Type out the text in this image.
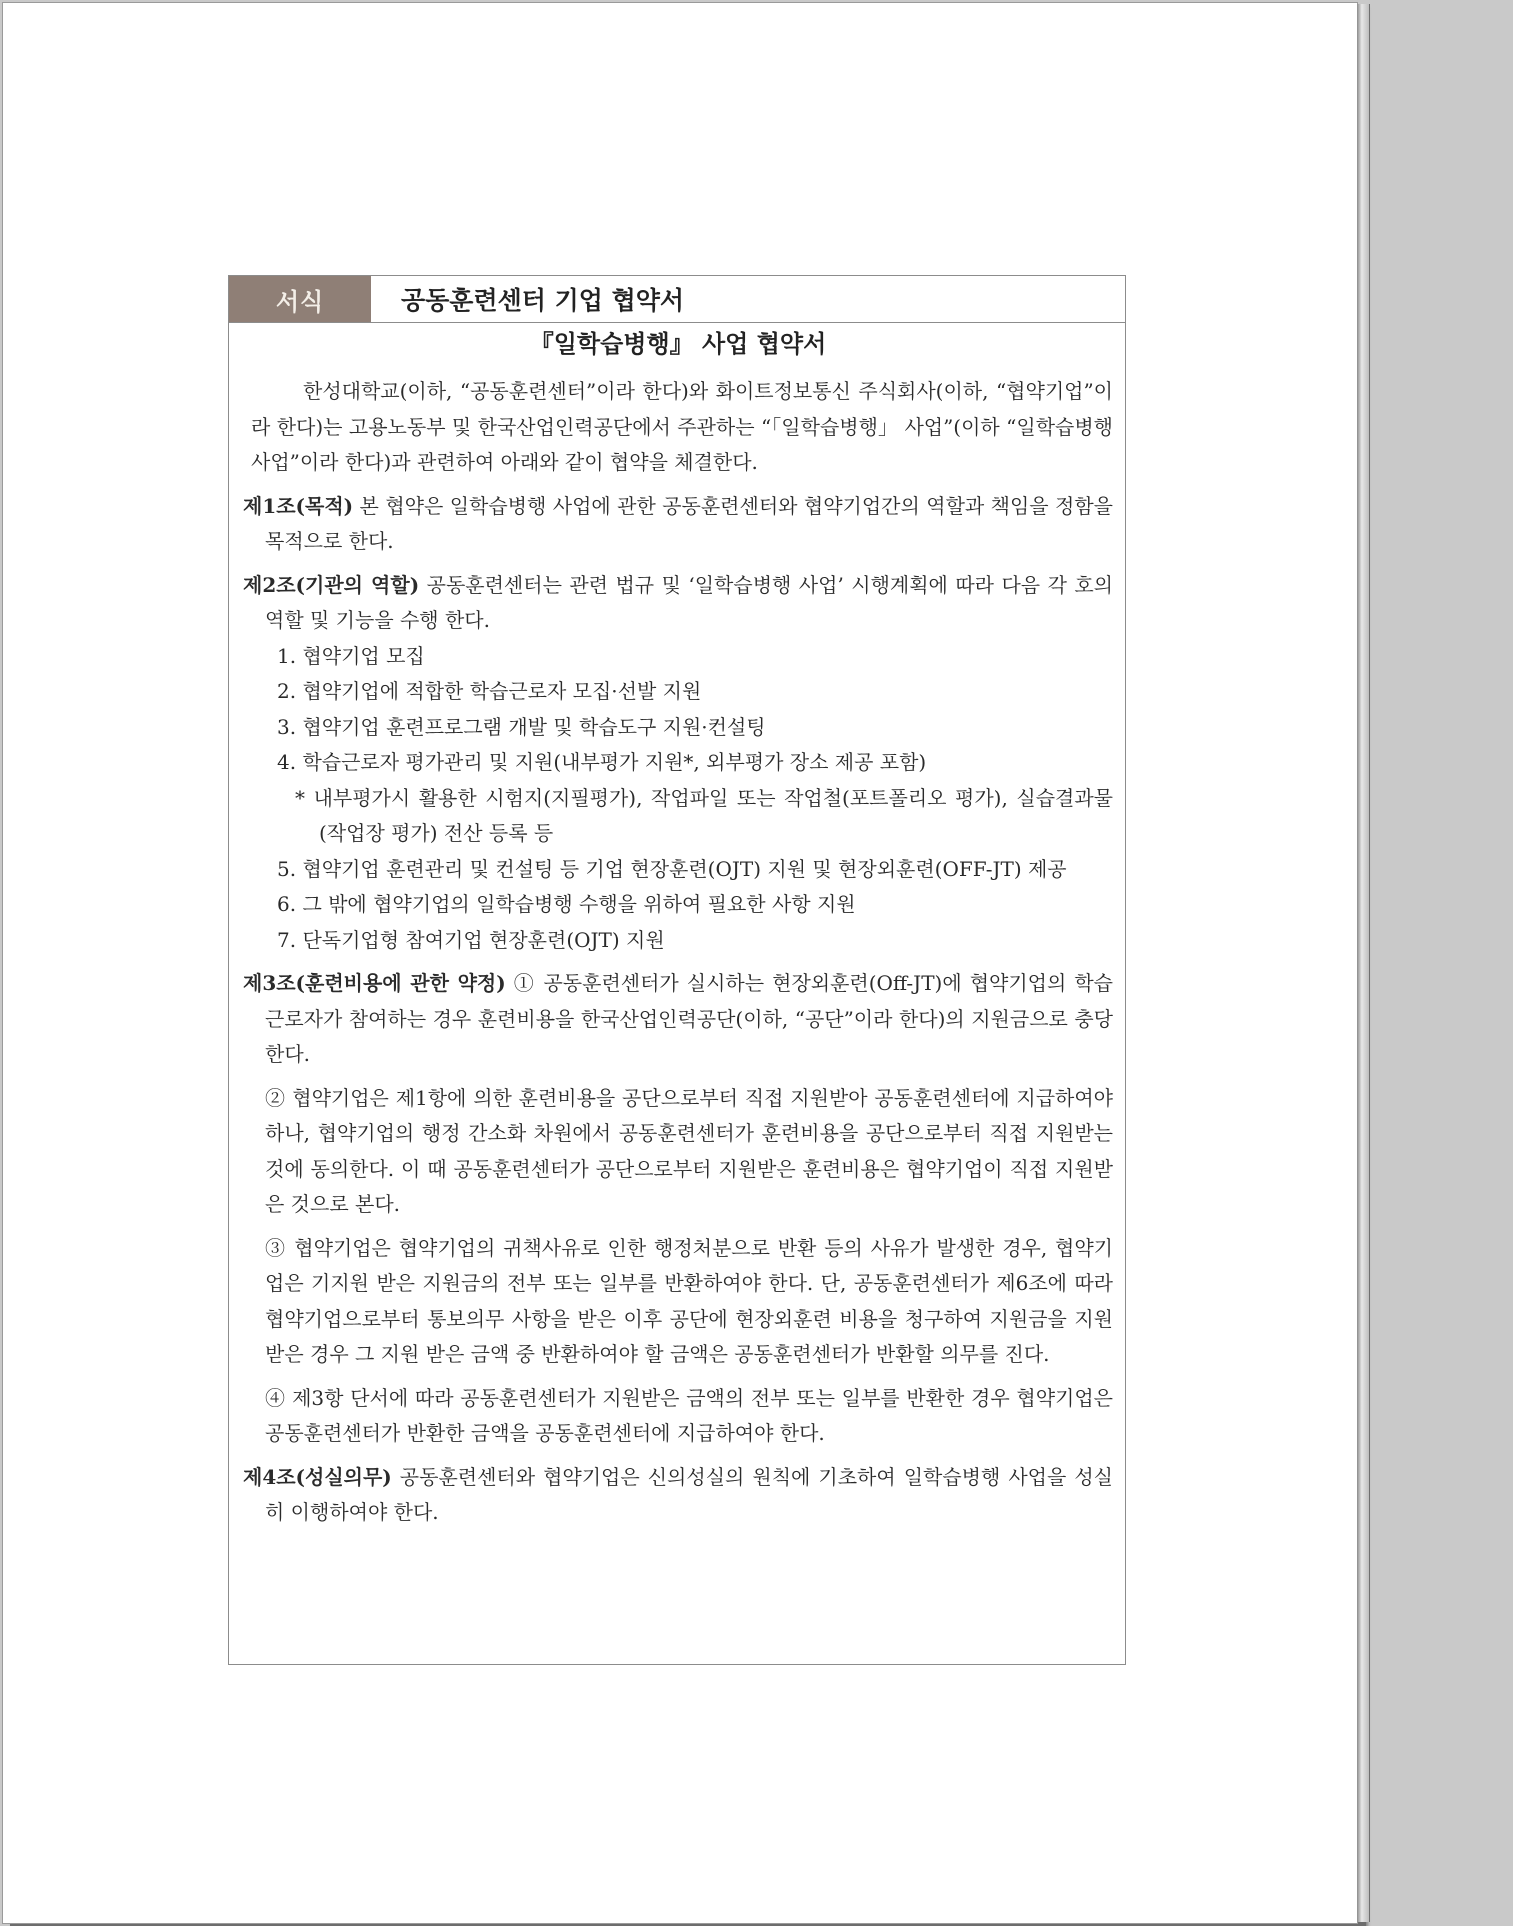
서식	공동훈련센터 기업 협약서
『일학습병행』 사업 협약서

한성대학교(이하, “공동훈련센터”이라 한다)와 화이트정보통신 주식회사(이하, “협약기업”이라 한다)는 고용노동부 및 한국산업인력공단에서 주관하는 “「일학습병행」 사업”(이하 “일학습병행 사업”이라 한다)과 관련하여 아래와 같이 협약을 체결한다.

제1조(목적) 본 협약은 일학습병행 사업에 관한 공동훈련센터와 협약기업간의 역할과 책임을 정함을 목적으로 한다.

제2조(기관의 역할) 공동훈련센터는 관련 법규 및 ‘일학습병행 사업’ 시행계획에 따라 다음 각 호의 역할 및 기능을 수행 한다.

1. 협약기업 모집
2. 협약기업에 적합한 학습근로자 모집·선발 지원
3. 협약기업 훈련프로그램 개발 및 학습도구 지원·컨설팅
4. 학습근로자 평가관리 및 지원(내부평가 지원*, 외부평가 장소 제공 포함)
* 내부평가시 활용한 시험지(지필평가), 작업파일 또는 작업철(포트폴리오 평가), 실습결과물(작업장 평가) 전산 등록 등
5. 협약기업 훈련관리 및 컨설팅 등 기업 현장훈련(OJT) 지원 및 현장외훈련(OFF-JT) 제공
6. 그 밖에 협약기업의 일학습병행 수행을 위하여 필요한 사항 지원
7. 단독기업형 참여기업 현장훈련(OJT) 지원

제3조(훈련비용에 관한 약정) ① 공동훈련센터가 실시하는 현장외훈련(Off-JT)에 협약기업의 학습근로자가 참여하는 경우 훈련비용을 한국산업인력공단(이하, “공단”이라 한다)의 지원금으로 충당한다.

② 협약기업은 제1항에 의한 훈련비용을 공단으로부터 직접 지원받아 공동훈련센터에 지급하여야 하나, 협약기업의 행정 간소화 차원에서 공동훈련센터가 훈련비용을 공단으로부터 직접 지원받는 것에 동의한다. 이 때 공동훈련센터가 공단으로부터 지원받은 훈련비용은 협약기업이 직접 지원받은 것으로 본다.

③ 협약기업은 협약기업의 귀책사유로 인한 행정처분으로 반환 등의 사유가 발생한 경우, 협약기업은 기지원 받은 지원금의 전부 또는 일부를 반환하여야 한다. 단, 공동훈련센터가 제6조에 따라 협약기업으로부터 통보의무 사항을 받은 이후 공단에 현장외훈련 비용을 청구하여 지원금을 지원 받은 경우 그 지원 받은 금액 중 반환하여야 할 금액은 공동훈련센터가 반환할 의무를 진다.

④ 제3항 단서에 따라 공동훈련센터가 지원받은 금액의 전부 또는 일부를 반환한 경우 협약기업은 공동훈련센터가 반환한 금액을 공동훈련센터에 지급하여야 한다.

제4조(성실의무) 공동훈련센터와 협약기업은 신의성실의 원칙에 기초하여 일학습병행 사업을 성실히 이행하여야 한다.
